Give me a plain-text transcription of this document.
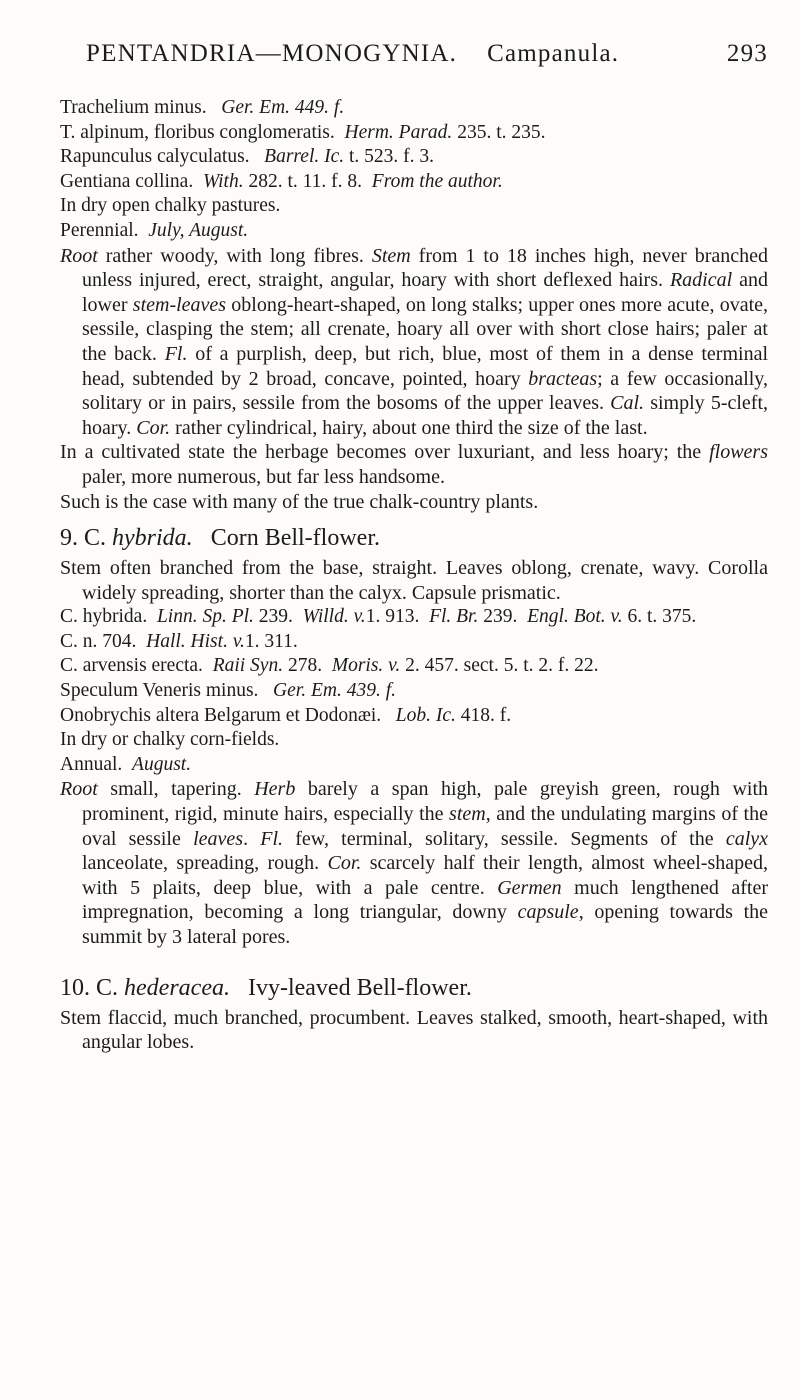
PENTANDRIA—MONOGYNIA. Campanula.	293

Trachelium minus. Ger. Em. 449. f.

T. alpinum, floribus conglomeratis. Herm. Parad. 235. t. 235.

Rapunculus calyculatus. Barrel. Ic. t. 523. f. 3.

Gentiana collina. With. 282. t. 11. f. 8. From the author.

In dry open chalky pastures.

Perennial. July, August.

Root rather woody, with long fibres. Stem from 1 to 18 inches high, never branched unless injured, erect, straight, angular, hoary with short deflexed hairs. Radical and lower stem-leaves oblong-heart-shaped, on long stalks; upper ones more acute, ovate, sessile, clasping the stem; all crenate, hoary all over with short close hairs; paler at the back. Fl. of a purplish, deep, but rich, blue, most of them in a dense terminal head, subtended by 2 broad, concave, pointed, hoary bracteas; a few occasionally, solitary or in pairs, sessile from the bosoms of the upper leaves. Cal. simply 5-cleft, hoary. Cor. rather cylindrical, hairy, about one third the size of the last.

In a cultivated state the herbage becomes over luxuriant, and less hoary; the flowers paler, more numerous, but far less handsome.

Such is the case with many of the true chalk-country plants.

9. C. hybrida. Corn Bell-flower.

Stem often branched from the base, straight. Leaves oblong, crenate, wavy. Corolla widely spreading, shorter than the calyx. Capsule prismatic.

C. hybrida. Linn. Sp. Pl. 239. Willd. v.1. 913. Fl. Br. 239. Engl. Bot. v. 6. t. 375.

C. n. 704. Hall. Hist. v.1. 311.

C. arvensis erecta. Raii Syn. 278. Moris. v. 2. 457. sect. 5. t. 2. f. 22.

Speculum Veneris minus. Ger. Em. 439. f.

Onobrychis altera Belgarum et Dodonæi. Lob. Ic. 418. f.

In dry or chalky corn-fields.

Annual. August.

Root small, tapering. Herb barely a span high, pale greyish green, rough with prominent, rigid, minute hairs, especially the stem, and the undulating margins of the oval sessile leaves. Fl. few, terminal, solitary, sessile. Segments of the calyx lanceolate, spreading, rough. Cor. scarcely half their length, almost wheel-shaped, with 5 plaits, deep blue, with a pale centre. Germen much lengthened after impregnation, becoming a long triangular, downy capsule, opening towards the summit by 3 lateral pores.

10. C. hederacea. Ivy-leaved Bell-flower.

Stem flaccid, much branched, procumbent. Leaves stalked, smooth, heart-shaped, with angular lobes.
